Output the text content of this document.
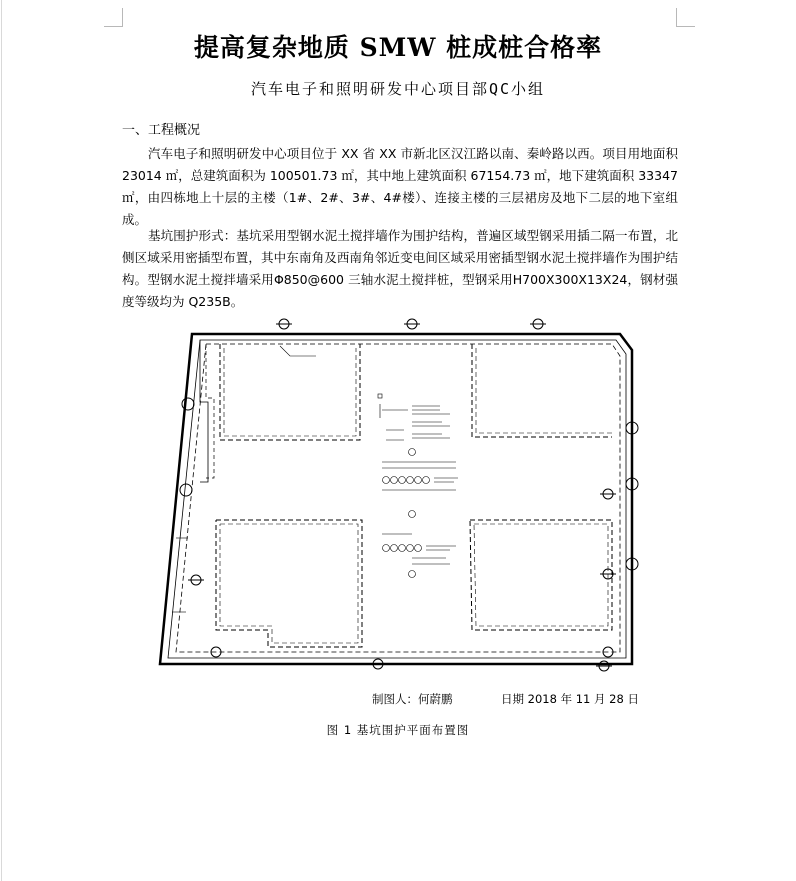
提高复杂地质 SMW 桩成桩合格率
汽车电子和照明研发中心项目部QC小组
一、工程概况

汽车电子和照明研发中心项目位于 XX 省 XX 市新北区汉江路以南、秦岭路以西。项目用地面积 23014 ㎡，总建筑面积为 100501.73 ㎡，其中地上建筑面积 67154.73 ㎡，地下建筑面积 33347 ㎡，由四栋地上十层的主楼（1#、2#、3#、4#楼）、连接主楼的三层裙房及地下二层的地下室组成。

基坑围护形式：基坑采用型钢水泥土搅拌墙作为围护结构，普遍区域型钢采用插二隔一布置，北侧区域采用密插型布置，其中东南角及西南角邻近变电间区域采用密插型钢水泥土搅拌墙作为围护结构。型钢水泥土搅拌墙采用Φ850@600 三轴水泥土搅拌桩，型钢采用H700X300X13X24，钢材强度等级均为 Q235B。

制图人：何蔚鹏	日期 2018 年 11 月 28 日
图 1 基坑围护平面布置图
